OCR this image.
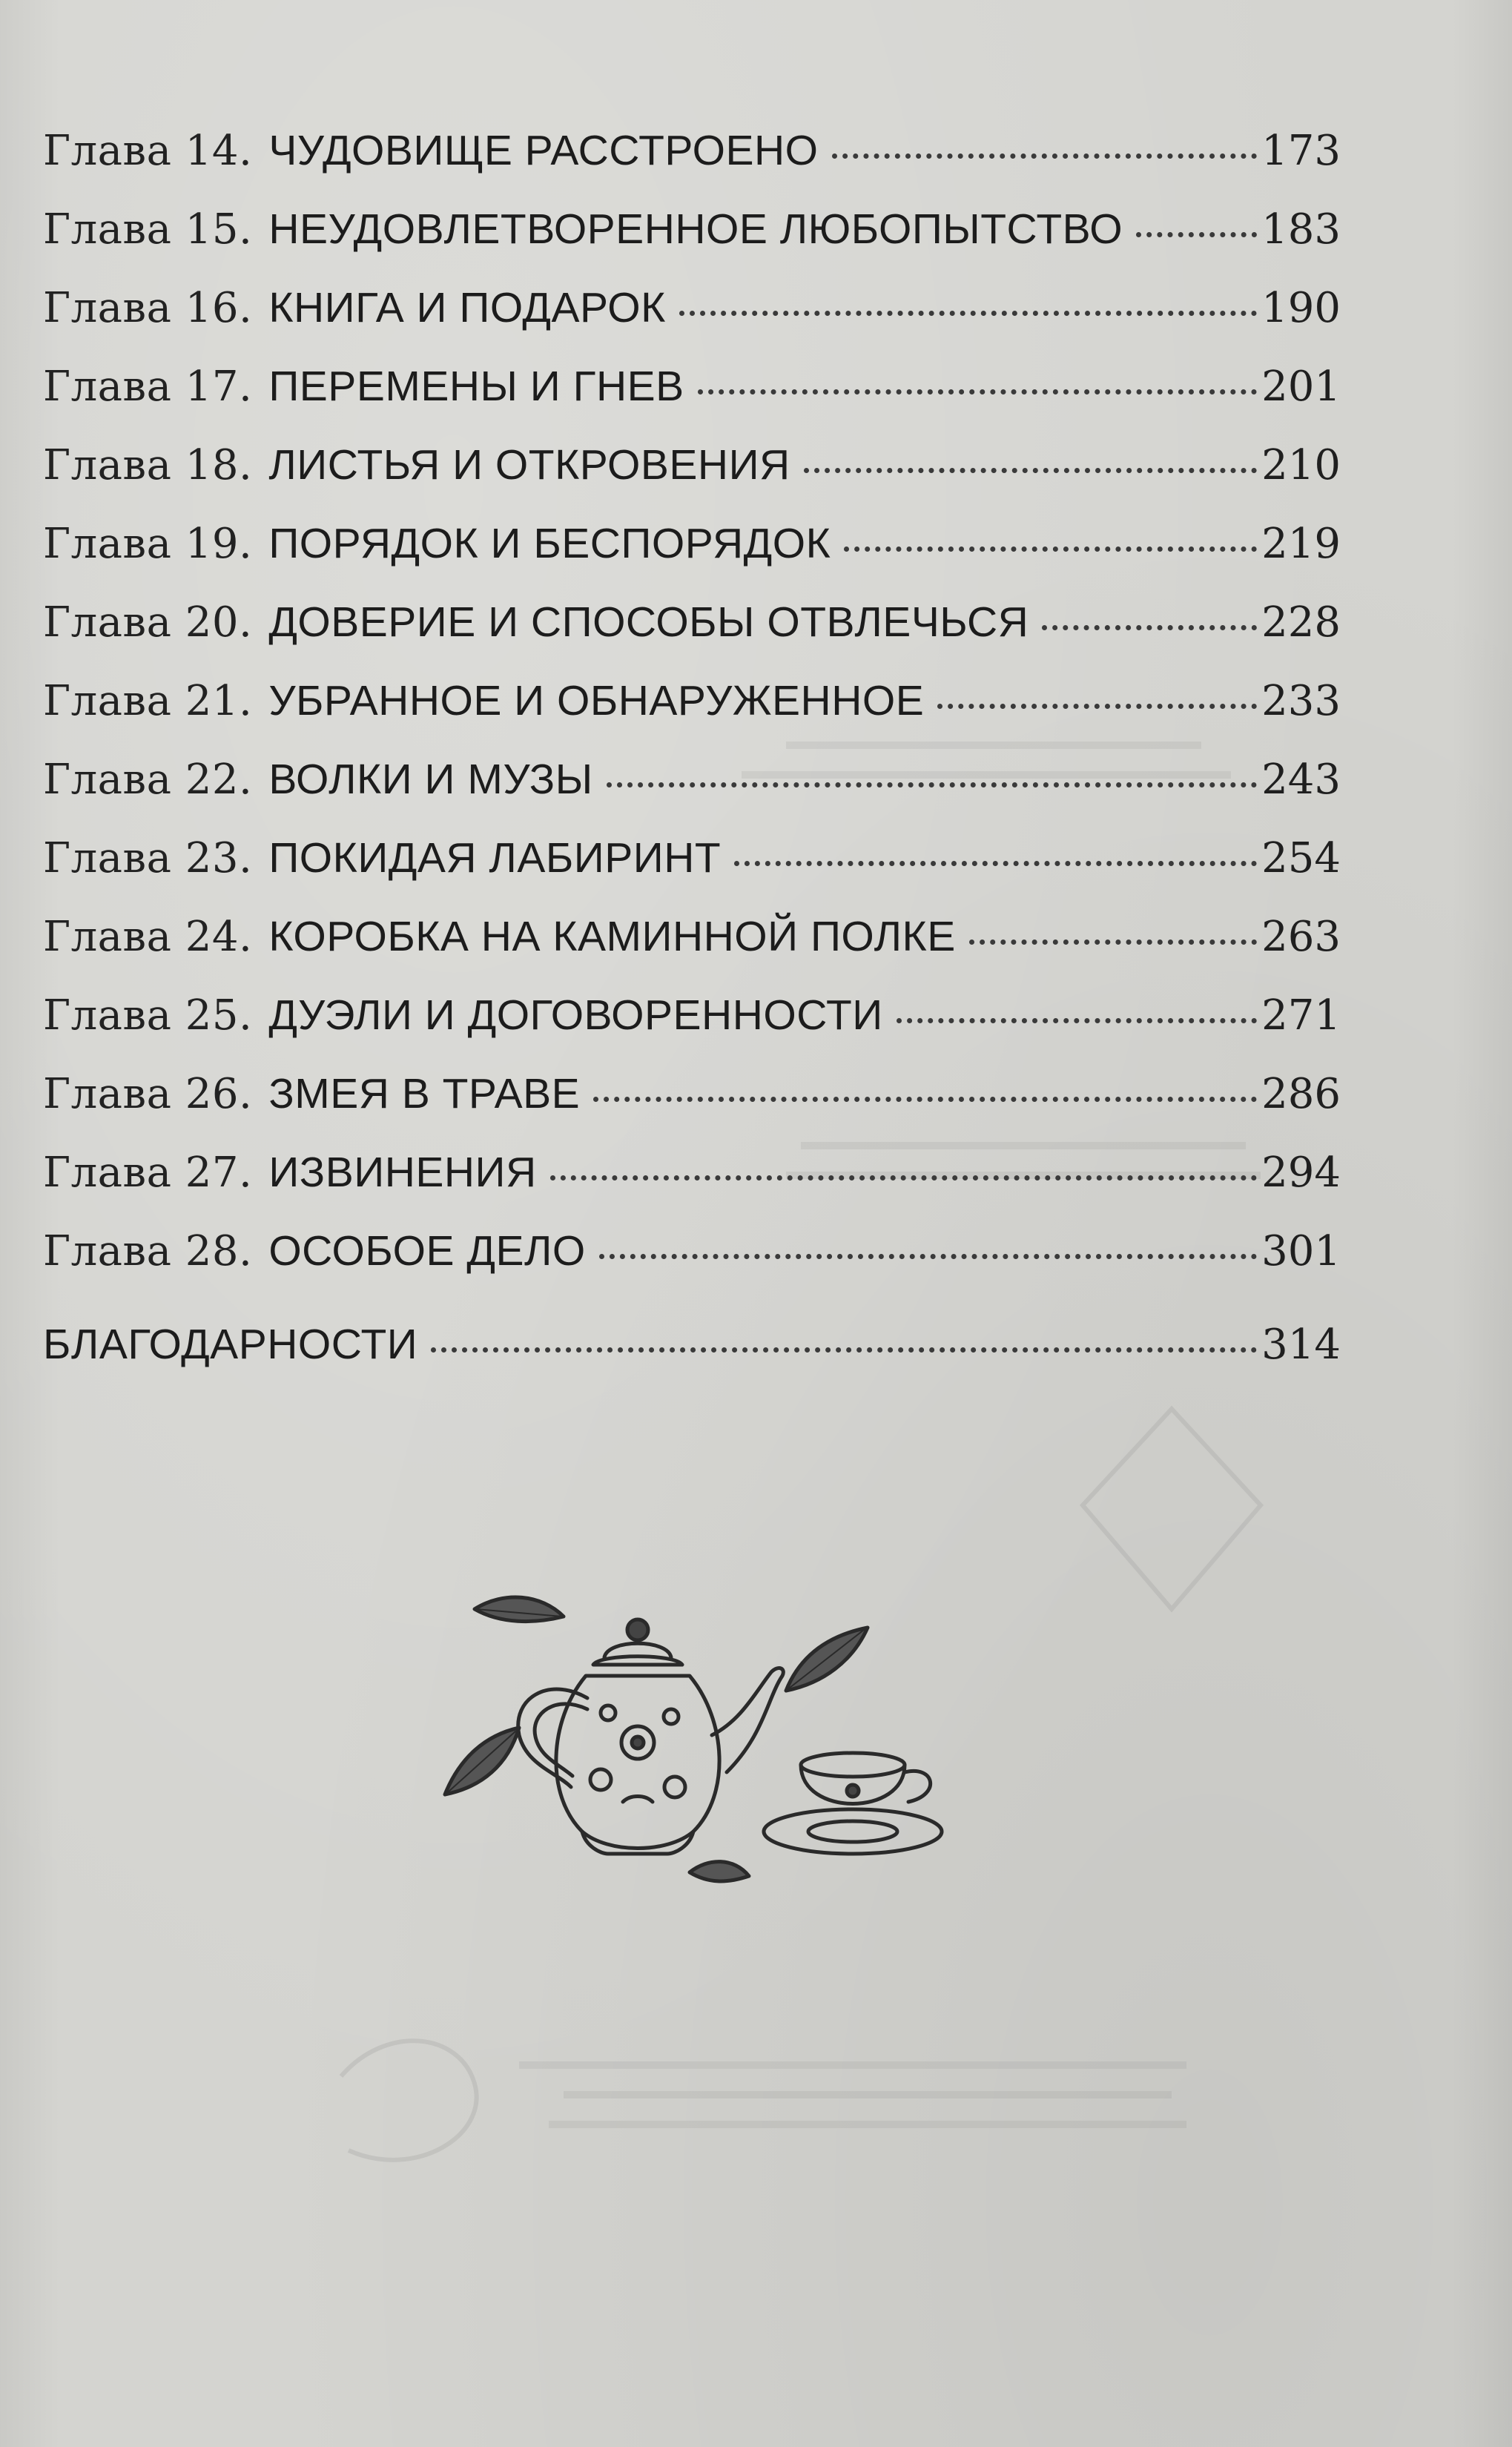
Глава 14. ЧУДОВИЩЕ РАССТРОЕНО	173
Глава 15. НЕУДОВЛЕТВОРЕННОЕ ЛЮБОПЫТСТВО	183
Глава 16. КНИГА И ПОДАРОК	190
Глава 17. ПЕРЕМЕНЫ И ГНЕВ	201
Глава 18. ЛИСТЬЯ И ОТКРОВЕНИЯ	210
Глава 19. ПОРЯДОК И БЕСПОРЯДОК	219
Глава 20. ДОВЕРИЕ И СПОСОБЫ ОТВЛЕЧЬСЯ	228
Глава 21. УБРАННОЕ И ОБНАРУЖЕННОЕ	233
Глава 22. ВОЛКИ И МУЗЫ	243
Глава 23. ПОКИДАЯ ЛАБИРИНТ	254
Глава 24. КОРОБКА НА КАМИННОЙ ПОЛКЕ	263
Глава 25. ДУЭЛИ И ДОГОВОРЕННОСТИ	271
Глава 26. ЗМЕЯ В ТРАВЕ	286
Глава 27. ИЗВИНЕНИЯ	294
Глава 28. ОСОБОЕ ДЕЛО	301
БЛАГОДАРНОСТИ	314
